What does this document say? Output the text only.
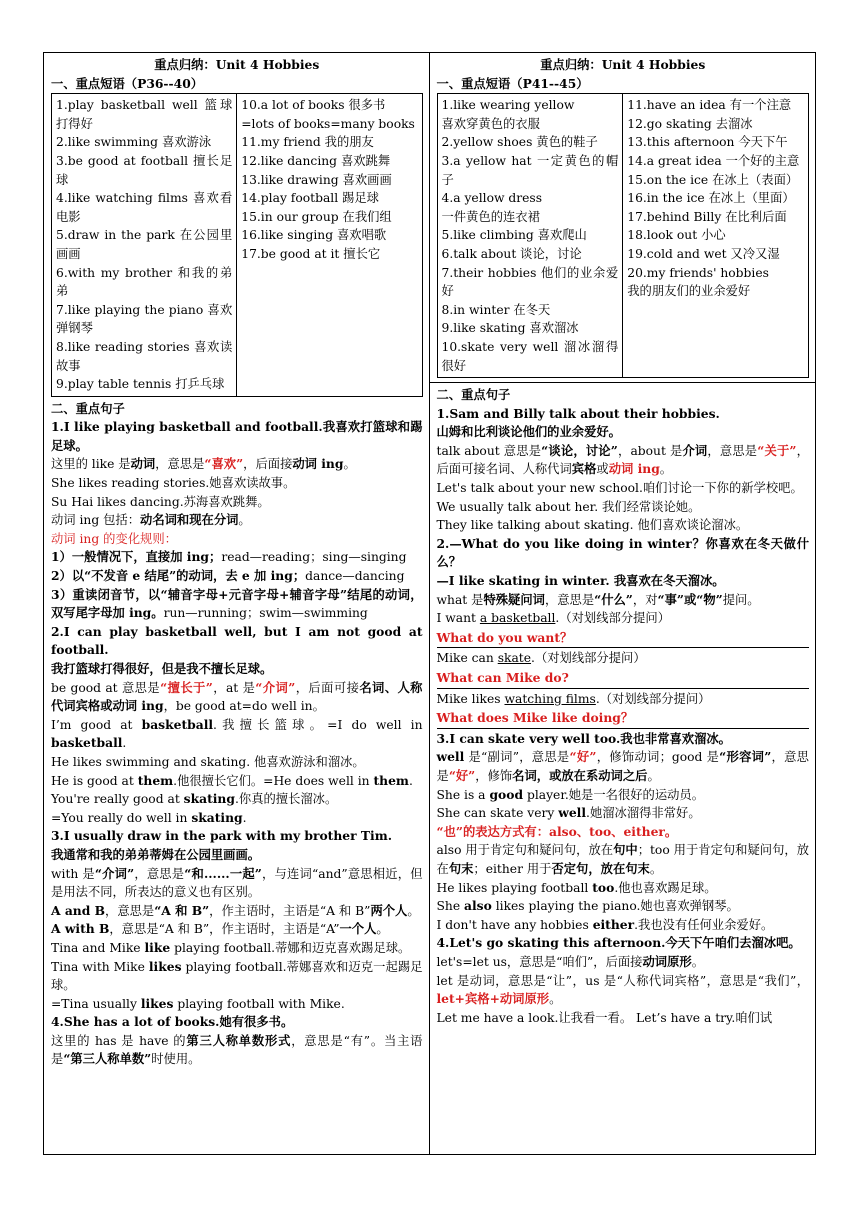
重点归纳：Unit 4 Hobbies
一、重点短语（P36--40）
1.play basketball well 篮球打得好
2.like swimming 喜欢游泳
3.be good at football 擅长足球
4.like watching films 喜欢看电影
5.draw in the park 在公园里画画
6.with my brother 和我的弟弟
7.like playing the piano 喜欢弹钢琴
8.like reading stories 喜欢读故事
9.play table tennis 打乒乓球

10.a lot of books 很多书
=lots of books=many books
11.my friend 我的朋友
12.like dancing 喜欢跳舞
13.like drawing 喜欢画画
14.play football 踢足球
15.in our group 在我们组
16.like singing 喜欢唱歌
17.be good at it 擅长它
二、重点句子

1.I like playing basketball and football.我喜欢打篮球和踢足球。

这里的 like 是动词，意思是“喜欢”，后面接动词 ing。

She likes reading stories.她喜欢读故事。

Su Hai likes dancing.苏海喜欢跳舞。

动词 ing 包括：动名词和现在分词。

动词 ing 的变化规则：

1）一般情况下，直接加 ing；read—reading；sing—singing

2）以“不发音 e 结尾”的动词，去 e 加 ing；dance—dancing

3）重读闭音节，以“辅音字母+元音字母+辅音字母”结尾的动词，双写尾字母加 ing。run—running；swim—swimming

2.I can play basketball well, but I am not good at football.

我打篮球打得很好，但是我不擅长足球。

be good at 意思是“擅长于”，at 是“介词”，后面可接名词、人称代词宾格或动词 ing，be good at=do well in。

I’m good at basketball.我擅长篮球。=I do well in basketball.

He likes swimming and skating. 他喜欢游泳和溜冰。

He is good at them.他很擅长它们。=He does well in them.

You're really good at skating.你真的擅长溜冰。

=You really do well in skating.

3.I usually draw in the park with my brother Tim.

我通常和我的弟弟蒂姆在公园里画画。

with 是“介词”，意思是“和......一起”，与连词“and”意思相近，但是用法不同，所表达的意义也有区别。

A and B，意思是“A 和 B”，作主语时，主语是“A 和 B”两个人。

A with B，意思是“A 和 B”，作主语时，主语是“A”一个人。

Tina and Mike like playing football.蒂娜和迈克喜欢踢足球。

Tina with Mike likes playing football.蒂娜喜欢和迈克一起踢足球。

=Tina usually likes playing football with Mike.

4.She has a lot of books.她有很多书。

这里的 has 是 have 的第三人称单数形式，意思是“有”。当主语是“第三人称单数”时使用。

重点归纳：Unit 4 Hobbies
一、重点短语（P41--45）
1.like wearing yellow
喜欢穿黄色的衣服
2.yellow shoes 黄色的鞋子
3.a yellow hat 一定黄色的帽子
4.a yellow dress
一件黄色的连衣裙
5.like climbing 喜欢爬山
6.talk about 谈论，讨论
7.their hobbies 他们的业余爱好
8.in winter 在冬天
9.like skating 喜欢溜冰
10.skate very well 溜冰溜得很好

11.have an idea 有一个注意
12.go skating 去溜冰
13.this afternoon 今天下午
14.a great idea 一个好的主意
15.on the ice 在冰上（表面）
16.in the ice 在冰上（里面）
17.behind Billy 在比利后面
18.look out 小心
19.cold and wet 又冷又湿
20.my friends' hobbies
我的朋友们的业余爱好
二、重点句子

1.Sam and Billy talk about their hobbies.

山姆和比利谈论他们的业余爱好。

talk about 意思是“谈论，讨论”，about 是介词，意思是“关于”，后面可接名词、人称代词宾格或动词 ing。

Let's talk about your new school.咱们讨论一下你的新学校吧。

We usually talk about her. 我们经常谈论她。

They like talking about skating. 他们喜欢谈论溜冰。

2.—What do you like doing in winter？你喜欢在冬天做什么？

—I like skating in winter. 我喜欢在冬天溜冰。

what 是特殊疑问词，意思是“什么”，对“事”或“物”提问。

I want a basketball.（对划线部分提问）

What do you want？

Mike can skate.（对划线部分提问）

What can Mike do?

Mike likes watching films.（对划线部分提问）

What does Mike like doing？

3.I can skate very well too.我也非常喜欢溜冰。

well 是“副词”，意思是“好”，修饰动词；good 是“形容词”，意思是“好”，修饰名词，或放在系动词之后。

She is a good player.她是一名很好的运动员。

She can skate very well.她溜冰溜得非常好。

“也”的表达方式有：also、too、either。

also 用于肯定句和疑问句，放在句中；too 用于肯定句和疑问句，放在句末；either 用于否定句，放在句末。

He likes playing football too.他也喜欢踢足球。

She also likes playing the piano.她也喜欢弹钢琴。

I don't have any hobbies either.我也没有任何业余爱好。

4.Let's go skating this afternoon.今天下午咱们去溜冰吧。

let's=let us，意思是“咱们”，后面接动词原形。

let 是动词，意思是“让”，us 是“人称代词宾格”，意思是“我们”，let+宾格+动词原形。

Let me have a look.让我看一看。 Let’s have a try.咱们试
